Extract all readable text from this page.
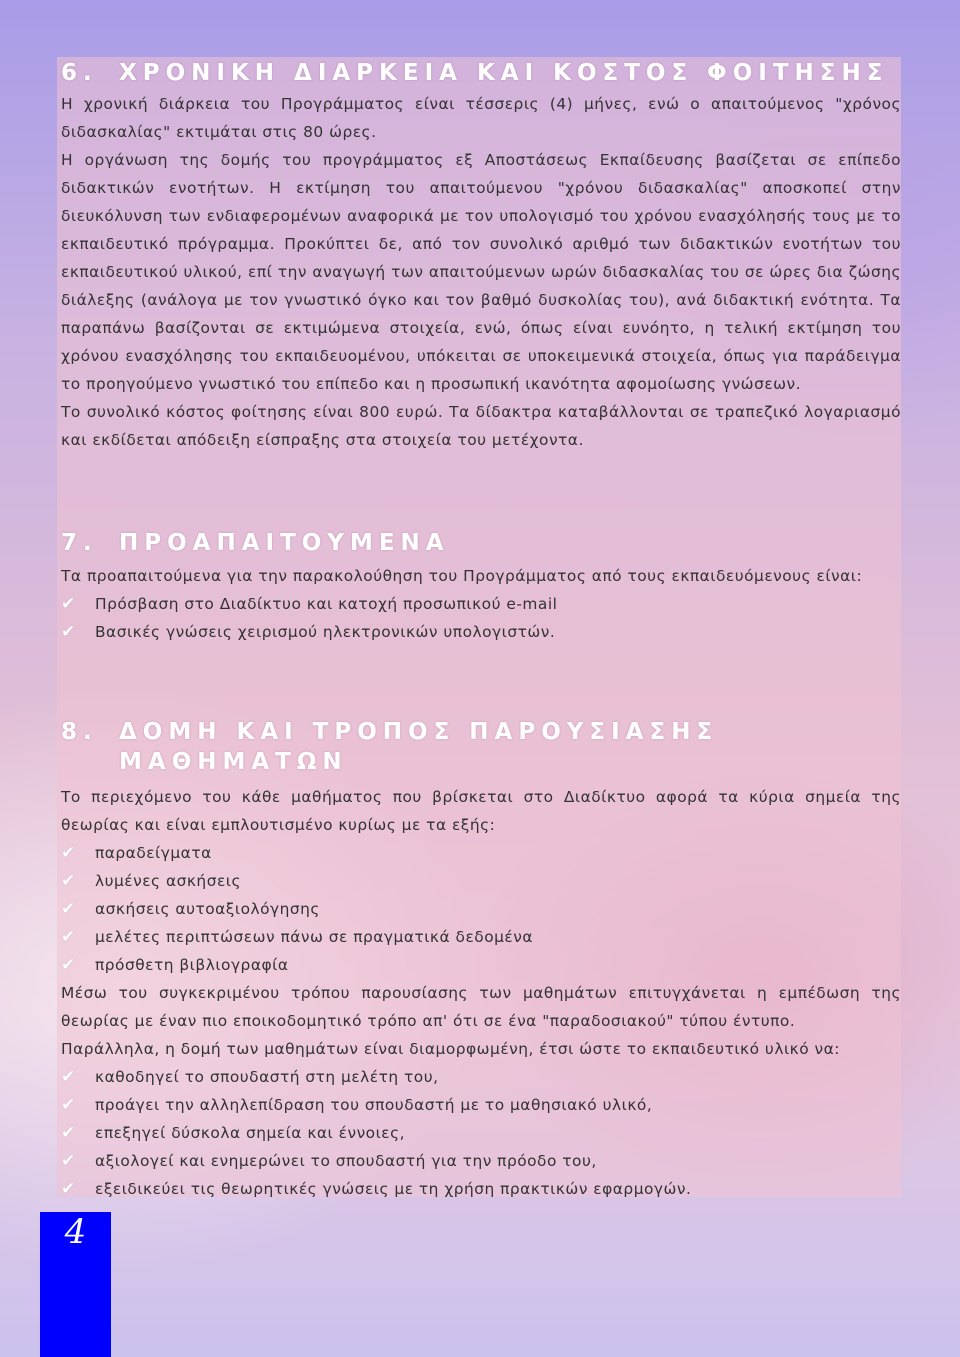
6. ΧΡΟΝΙΚΗ ΔΙΑΡΚΕΙΑ ΚΑΙ ΚΟΣΤΟΣ ΦΟΙΤΗΣΗΣ

Η χρονική διάρκεια του Προγράμματος είναι τέσσερις (4) μήνες, ενώ ο απαιτούμενος "χρόνος διδασκαλίας" εκτιμάται στις 80 ώρες.

Η οργάνωση της δομής του προγράμματος εξ Αποστάσεως Εκπαίδευσης βασίζεται σε επίπεδο διδακτικών ενοτήτων. Η εκτίμηση του απαιτούμενου "χρόνου διδασκαλίας" αποσκοπεί στην διευκόλυνση των ενδιαφερομένων αναφορικά με τον υπολογισμό του χρόνου ενασχόλησής τους με το εκπαιδευτικό πρόγραμμα. Προκύπτει δε, από τον συνολικό αριθμό των διδακτικών ενοτήτων του εκπαιδευτικού υλικού, επί την αναγωγή των απαιτούμενων ωρών διδασκαλίας του σε ώρες δια ζώσης διάλεξης (ανάλογα με τον γνωστικό όγκο και τον βαθμό δυσκολίας του), ανά διδακτική ενότητα. Τα παραπάνω βασίζονται σε εκτιμώμενα στοιχεία, ενώ, όπως είναι ευνόητο, η τελική εκτίμηση του χρόνου ενασχόλησης του εκπαιδευομένου, υπόκειται σε υποκειμενικά στοιχεία, όπως για παράδειγμα το προηγούμενο γνωστικό του επίπεδο και η προσωπική ικανότητα αφομοίωσης γνώσεων.

Το συνολικό κόστος φοίτησης είναι 800 ευρώ. Τα δίδακτρα καταβάλλονται σε τραπεζικό λογαριασμό και εκδίδεται απόδειξη είσπραξης στα στοιχεία του μετέχοντα.

7. ΠΡΟΑΠΑΙΤΟΥΜΕΝΑ

Τα προαπαιτούμενα για την παρακολούθηση του Προγράμματος από τους εκπαιδευόμενους είναι:

✔	Πρόσβαση στο Διαδίκτυο και κατοχή προσωπικού e-mail
✔	Βασικές γνώσεις χειρισμού ηλεκτρονικών υπολογιστών.
8. ΔΟΜΗ ΚΑΙ ΤΡΟΠΟΣ ΠΑΡΟΥΣΙΑΣΗΣ
ΜΑΘΗΜΑΤΩΝ

Το περιεχόμενο του κάθε μαθήματος που βρίσκεται στο Διαδίκτυο αφορά τα κύρια σημεία της θεωρίας και είναι εμπλουτισμένο κυρίως με τα εξής:

✔	παραδείγματα
✔	λυμένες ασκήσεις
✔	ασκήσεις αυτοαξιολόγησης
✔	μελέτες περιπτώσεων πάνω σε πραγματικά δεδομένα
✔	πρόσθετη βιβλιογραφία

Μέσω του συγκεκριμένου τρόπου παρουσίασης των μαθημάτων επιτυγχάνεται η εμπέδωση της θεωρίας με έναν πιο εποικοδομητικό τρόπο απ' ότι σε ένα "παραδοσιακού" τύπου έντυπο.

Παράλληλα, η δομή των μαθημάτων είναι διαμορφωμένη, έτσι ώστε το εκπαιδευτικό υλικό να:

✔	καθοδηγεί το σπουδαστή στη μελέτη του,
✔	προάγει την αλληλεπίδραση του σπουδαστή με το μαθησιακό υλικό,
✔	επεξηγεί δύσκολα σημεία και έννοιες,
✔	αξιολογεί και ενημερώνει το σπουδαστή για την πρόοδο του,
✔	εξειδικεύει τις θεωρητικές γνώσεις με τη χρήση πρακτικών εφαρμογών.
4
